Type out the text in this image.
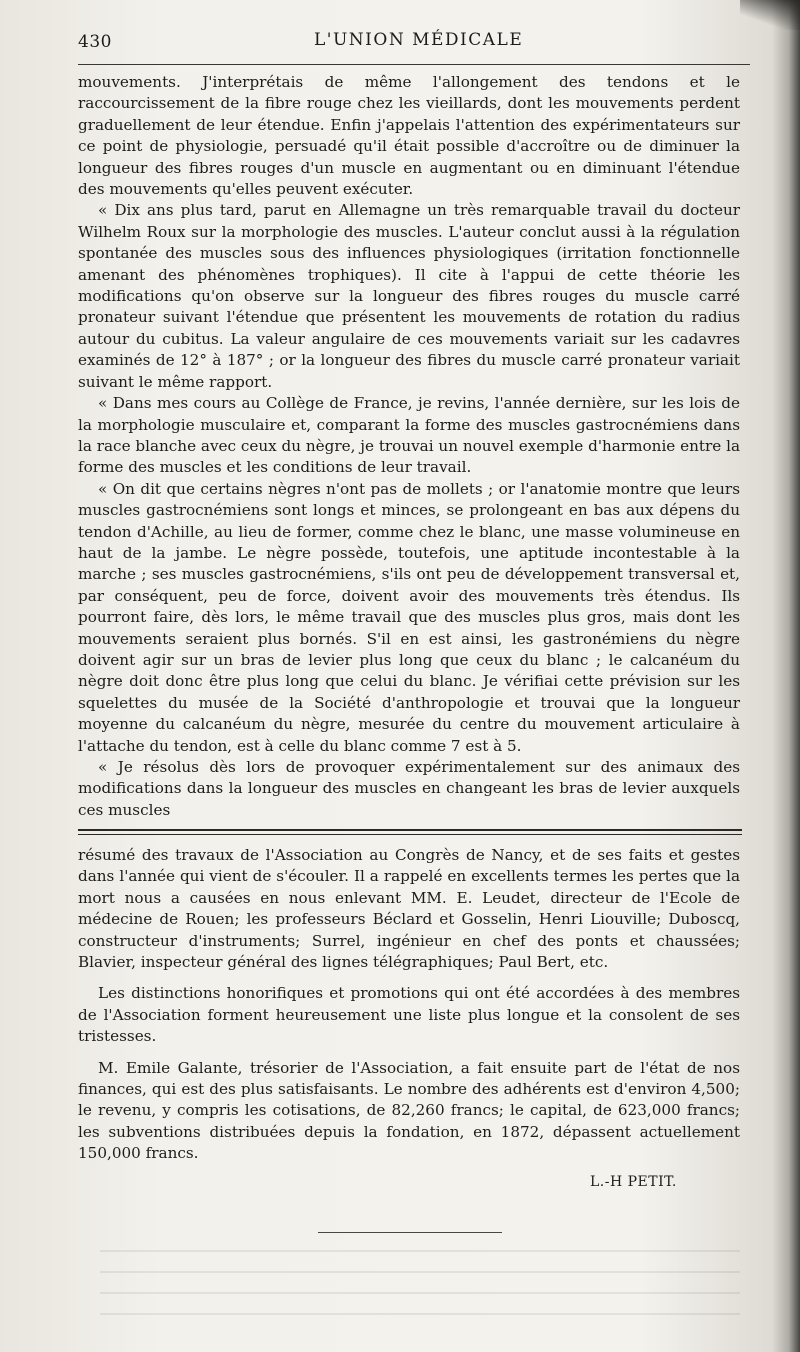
430	L'UNION MÉDICALE

mouvements. J'interprétais de même l'allongement des tendons et le raccourcissement de la fibre rouge chez les vieillards, dont les mouvements perdent graduellement de leur étendue. Enfin j'appelais l'attention des expérimentateurs sur ce point de physiologie, persuadé qu'il était possible d'accroître ou de diminuer la longueur des fibres rouges d'un muscle en augmentant ou en diminuant l'étendue des mouvements qu'elles peuvent exécuter.

« Dix ans plus tard, parut en Allemagne un très remarquable travail du docteur Wilhelm Roux sur la morphologie des muscles. L'auteur conclut aussi à la régulation spontanée des muscles sous des influences physiologiques (irritation fonctionnelle amenant des phénomènes trophiques). Il cite à l'appui de cette théorie les modifications qu'on observe sur la longueur des fibres rouges du muscle carré pronateur suivant l'étendue que présentent les mouvements de rotation du radius autour du cubitus. La valeur angulaire de ces mouvements variait sur les cadavres examinés de 12° à 187° ; or la longueur des fibres du muscle carré pronateur variait suivant le même rapport.

« Dans mes cours au Collège de France, je revins, l'année dernière, sur les lois de la morphologie musculaire et, comparant la forme des muscles gastrocnémiens dans la race blanche avec ceux du nègre, je trouvai un nouvel exemple d'harmonie entre la forme des muscles et les conditions de leur travail.

« On dit que certains nègres n'ont pas de mollets ; or l'anatomie montre que leurs muscles gastrocnémiens sont longs et minces, se prolongeant en bas aux dépens du tendon d'Achille, au lieu de former, comme chez le blanc, une masse volumineuse en haut de la jambe. Le nègre possède, toutefois, une aptitude incontestable à la marche ; ses muscles gastrocnémiens, s'ils ont peu de développement transversal et, par conséquent, peu de force, doivent avoir des mouvements très étendus. Ils pourront faire, dès lors, le même travail que des muscles plus gros, mais dont les mouvements seraient plus bornés. S'il en est ainsi, les gastronémiens du nègre doivent agir sur un bras de levier plus long que ceux du blanc ; le calcanéum du nègre doit donc être plus long que celui du blanc. Je vérifiai cette prévision sur les squelettes du musée de la Société d'anthropologie et trouvai que la longueur moyenne du calcanéum du nègre, mesurée du centre du mouvement articulaire à l'attache du tendon, est à celle du blanc comme 7 est à 5.

« Je résolus dès lors de provoquer expérimentalement sur des animaux des modifications dans la longueur des muscles en changeant les bras de levier auxquels ces muscles

résumé des travaux de l'Association au Congrès de Nancy, et de ses faits et gestes dans l'année qui vient de s'écouler. Il a rappelé en excellents termes les pertes que la mort nous a causées en nous enlevant MM. E. Leudet, directeur de l'Ecole de médecine de Rouen; les professeurs Béclard et Gosselin, Henri Liouville; Duboscq, constructeur d'instruments; Surrel, ingénieur en chef des ponts et chaussées; Blavier, inspecteur général des lignes télégraphiques; Paul Bert, etc.

Les distinctions honorifiques et promotions qui ont été accordées à des membres de l'Association forment heureusement une liste plus longue et la consolent de ses tristesses.

M. Emile Galante, trésorier de l'Association, a fait ensuite part de l'état de nos finances, qui est des plus satisfaisants. Le nombre des adhérents est d'environ 4,500; le revenu, y compris les cotisations, de 82,260 francs; le capital, de 623,000 francs; les subventions distribuées depuis la fondation, en 1872, dépassent actuellement 150,000 francs.

L.-H PETIT.
